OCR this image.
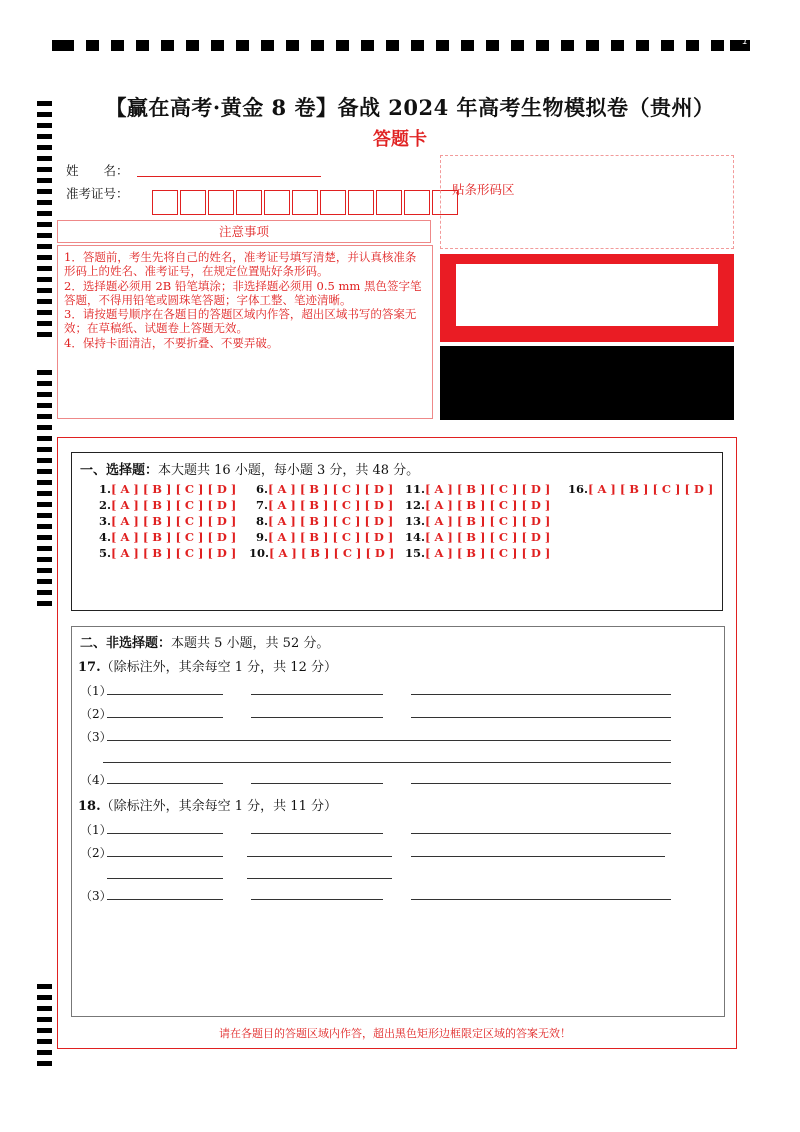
1
【赢在高考·黄金 8 卷】备战 2024 年高考生物模拟卷（贵州）
答题卡
姓　　名：
准考证号：	贴条形码区
注意事项

1．答题前，考生先将自己的姓名，准考证号填写清楚，并认真核准条形码上的姓名、准考证号，在规定位置贴好条形码。

2．选择题必须用 2B 铅笔填涂；非选择题必须用 0.5 mm 黑色签字笔答题，不得用铅笔或圆珠笔答题；字体工整、笔迹清晰。

3．请按题号顺序在各题目的答题区域内作答，超出区域书写的答案无效；在草稿纸、试题卷上答题无效。

4．保持卡面清洁，不要折叠、不要弄破。

一、选择题：本大题共 16 小题，每小题 3 分，共 48 分。
1.[ A ] [ B ] [ C ] [ D ]
2.[ A ] [ B ] [ C ] [ D ]
3.[ A ] [ B ] [ C ] [ D ]
4.[ A ] [ B ] [ C ] [ D ]
5.[ A ] [ B ] [ C ] [ D ]
6.[ A ] [ B ] [ C ] [ D ]
7.[ A ] [ B ] [ C ] [ D ]
8.[ A ] [ B ] [ C ] [ D ]
9.[ A ] [ B ] [ C ] [ D ]
10.[ A ] [ B ] [ C ] [ D ]
11.[ A ] [ B ] [ C ] [ D ]
12.[ A ] [ B ] [ C ] [ D ]
13.[ A ] [ B ] [ C ] [ D ]
14.[ A ] [ B ] [ C ] [ D ]
15.[ A ] [ B ] [ C ] [ D ]
16.[ A ] [ B ] [ C ] [ D ]
二、非选择题：本题共 5 小题，共 52 分。
17.（除标注外，其余每空 1 分，共 12 分）
（1）
（2）
（3）
（4）
18.（除标注外，其余每空 1 分，共 11 分）
（1）
（2）
（3）
请在各题目的答题区域内作答，超出黑色矩形边框限定区域的答案无效！
